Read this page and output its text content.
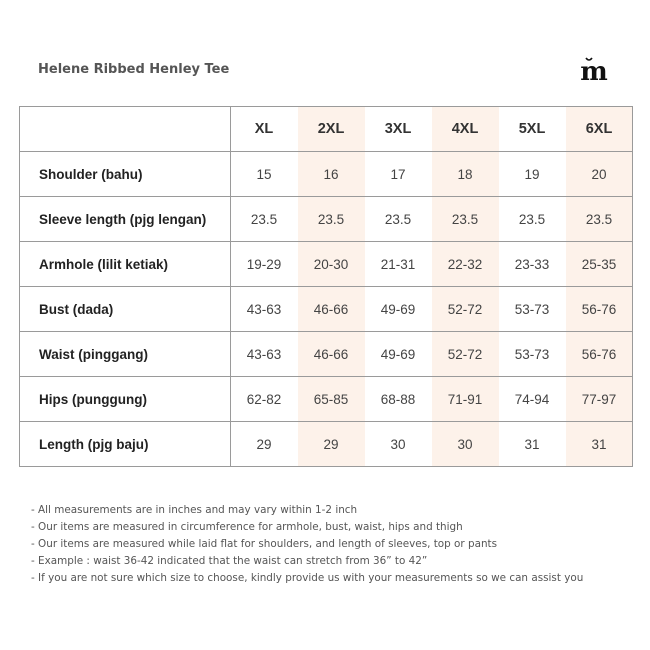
Helene Ribbed Henley Tee	m
	XL	2XL	3XL	4XL	5XL	6XL
Shoulder (bahu)	15	16	17	18	19	20
Sleeve length (pjg lengan)	23.5	23.5	23.5	23.5	23.5	23.5
Armhole (lilit ketiak)	19-29	20-30	21-31	22-32	23-33	25-35
Bust (dada)	43-63	46-66	49-69	52-72	53-73	56-76
Waist (pinggang)	43-63	46-66	49-69	52-72	53-73	56-76
Hips (punggung)	62-82	65-85	68-88	71-91	74-94	77-97
Length (pjg baju)	29	29	30	30	31	31
- All measurements are in inches and may vary within 1-2 inch
- Our items are measured in circumference for armhole, bust, waist, hips and thigh
- Our items are measured while laid flat for shoulders, and length of sleeves, top or pants
- Example : waist 36-42 indicated that the waist can stretch from 36” to 42”
- If you are not sure which size to choose, kindly provide us with your measurements so we can assist you
